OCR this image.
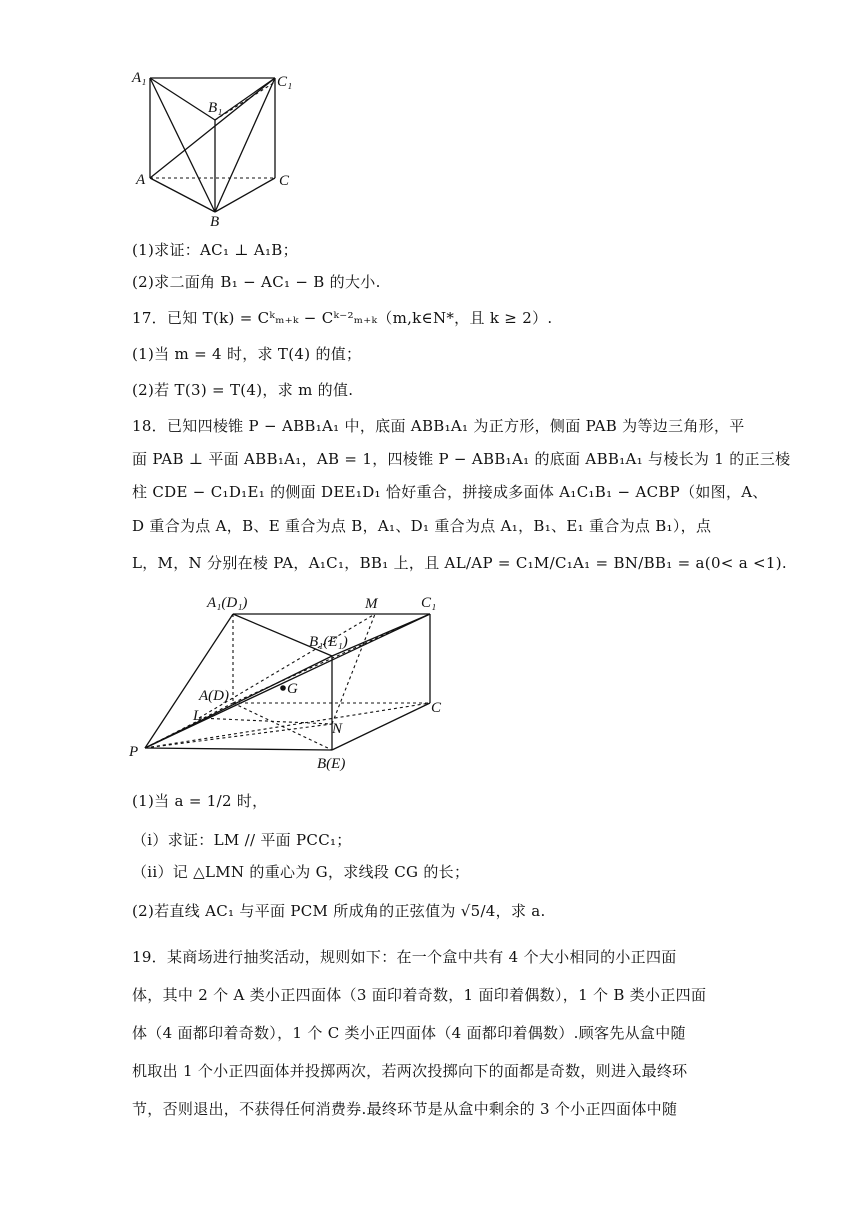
A₁
B₁
C₁
A	C
B
(1)求证：AC₁ ⊥ A₁B；
(2)求二面角 B₁ − AC₁ − B 的大小.
17．已知 T(k) = Cᵏₘ₊ₖ − Cᵏ⁻²ₘ₊ₖ（m,k∈N*，且 k ≥ 2）.
(1)当 m = 4 时，求 T(4) 的值；
(2)若 T(3) = T(4)，求 m 的值.
18．已知四棱锥 P − ABB₁A₁ 中，底面 ABB₁A₁ 为正方形，侧面 PAB 为等边三角形，平
面 PAB ⊥ 平面 ABB₁A₁，AB = 1，四棱锥 P − ABB₁A₁ 的底面 ABB₁A₁ 与棱长为 1 的正三棱
柱 CDE − C₁D₁E₁ 的侧面 DEE₁D₁ 恰好重合，拼接成多面体 A₁C₁B₁ − ACBP（如图，A、
D 重合为点 A，B、E 重合为点 B，A₁、D₁ 重合为点 A₁，B₁、E₁ 重合为点 B₁），点
L，M，N 分别在棱 PA，A₁C₁，BB₁ 上，且 AL/AP = C₁M/C₁A₁ = BN/BB₁ = a(0< a <1).
A₁(D₁)	M	C₁
B₁(E₁)
A(D)	G
L	C
N
P
B(E)
(1)当 a = 1/2 时，
（i）求证：LM // 平面 PCC₁；
（ii）记 △LMN 的重心为 G，求线段 CG 的长；
(2)若直线 AC₁ 与平面 PCM 所成角的正弦值为 √5/4，求 a.
19．某商场进行抽奖活动，规则如下：在一个盒中共有 4 个大小相同的小正四面
体，其中 2 个 A 类小正四面体（3 面印着奇数，1 面印着偶数），1 个 B 类小正四面
体（4 面都印着奇数），1 个 C 类小正四面体（4 面都印着偶数）.顾客先从盒中随
机取出 1 个小正四面体并投掷两次，若两次投掷向下的面都是奇数，则进入最终环
节，否则退出，不获得任何消费券.最终环节是从盒中剩余的 3 个小正四面体中随
